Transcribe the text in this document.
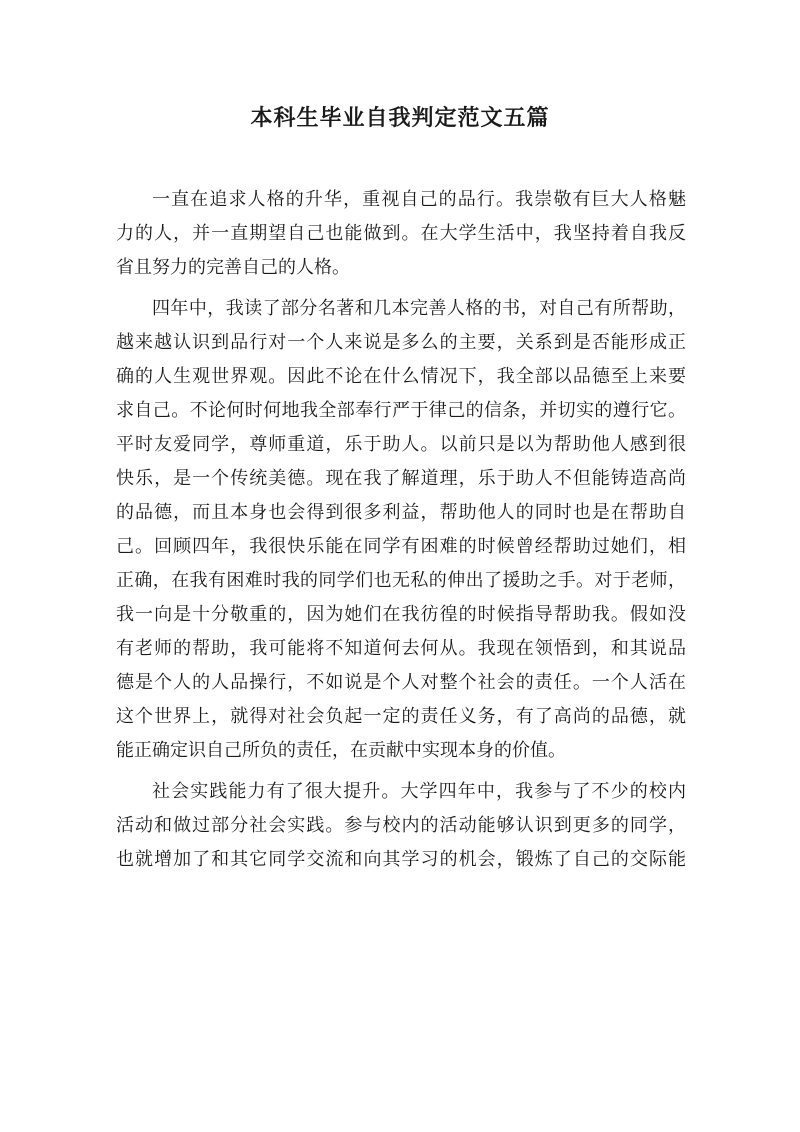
本科生毕业自我判定范文五篇

一直在追求人格的升华，重视自己的品行。我崇敬有巨大人格魅
力的人，并一直期望自己也能做到。在大学生活中，我坚持着自我反
省且努力的完善自己的人格。

四年中，我读了部分名著和几本完善人格的书，对自己有所帮助，
越来越认识到品行对一个人来说是多么的主要，关系到是否能形成正
确的人生观世界观。因此不论在什么情况下，我全部以品德至上来要
求自己。不论何时何地我全部奉行严于律己的信条，并切实的遵行它。
平时友爱同学，尊师重道，乐于助人。以前只是以为帮助他人感到很
快乐，是一个传统美德。现在我了解道理，乐于助人不但能铸造高尚
的品德，而且本身也会得到很多利益，帮助他人的同时也是在帮助自
己。回顾四年，我很快乐能在同学有困难的时候曾经帮助过她们，相
正确，在我有困难时我的同学们也无私的伸出了援助之手。对于老师，
我一向是十分敬重的，因为她们在我彷徨的时候指导帮助我。假如没
有老师的帮助，我可能将不知道何去何从。我现在领悟到，和其说品
德是个人的人品操行，不如说是个人对整个社会的责任。一个人活在
这个世界上，就得对社会负起一定的责任义务，有了高尚的品德，就
能正确定识自己所负的责任，在贡献中实现本身的价值。

社会实践能力有了很大提升。大学四年中，我参与了不少的校内
活动和做过部分社会实践。参与校内的活动能够认识到更多的同学，
也就增加了和其它同学交流和向其学习的机会，锻炼了自己的交际能
